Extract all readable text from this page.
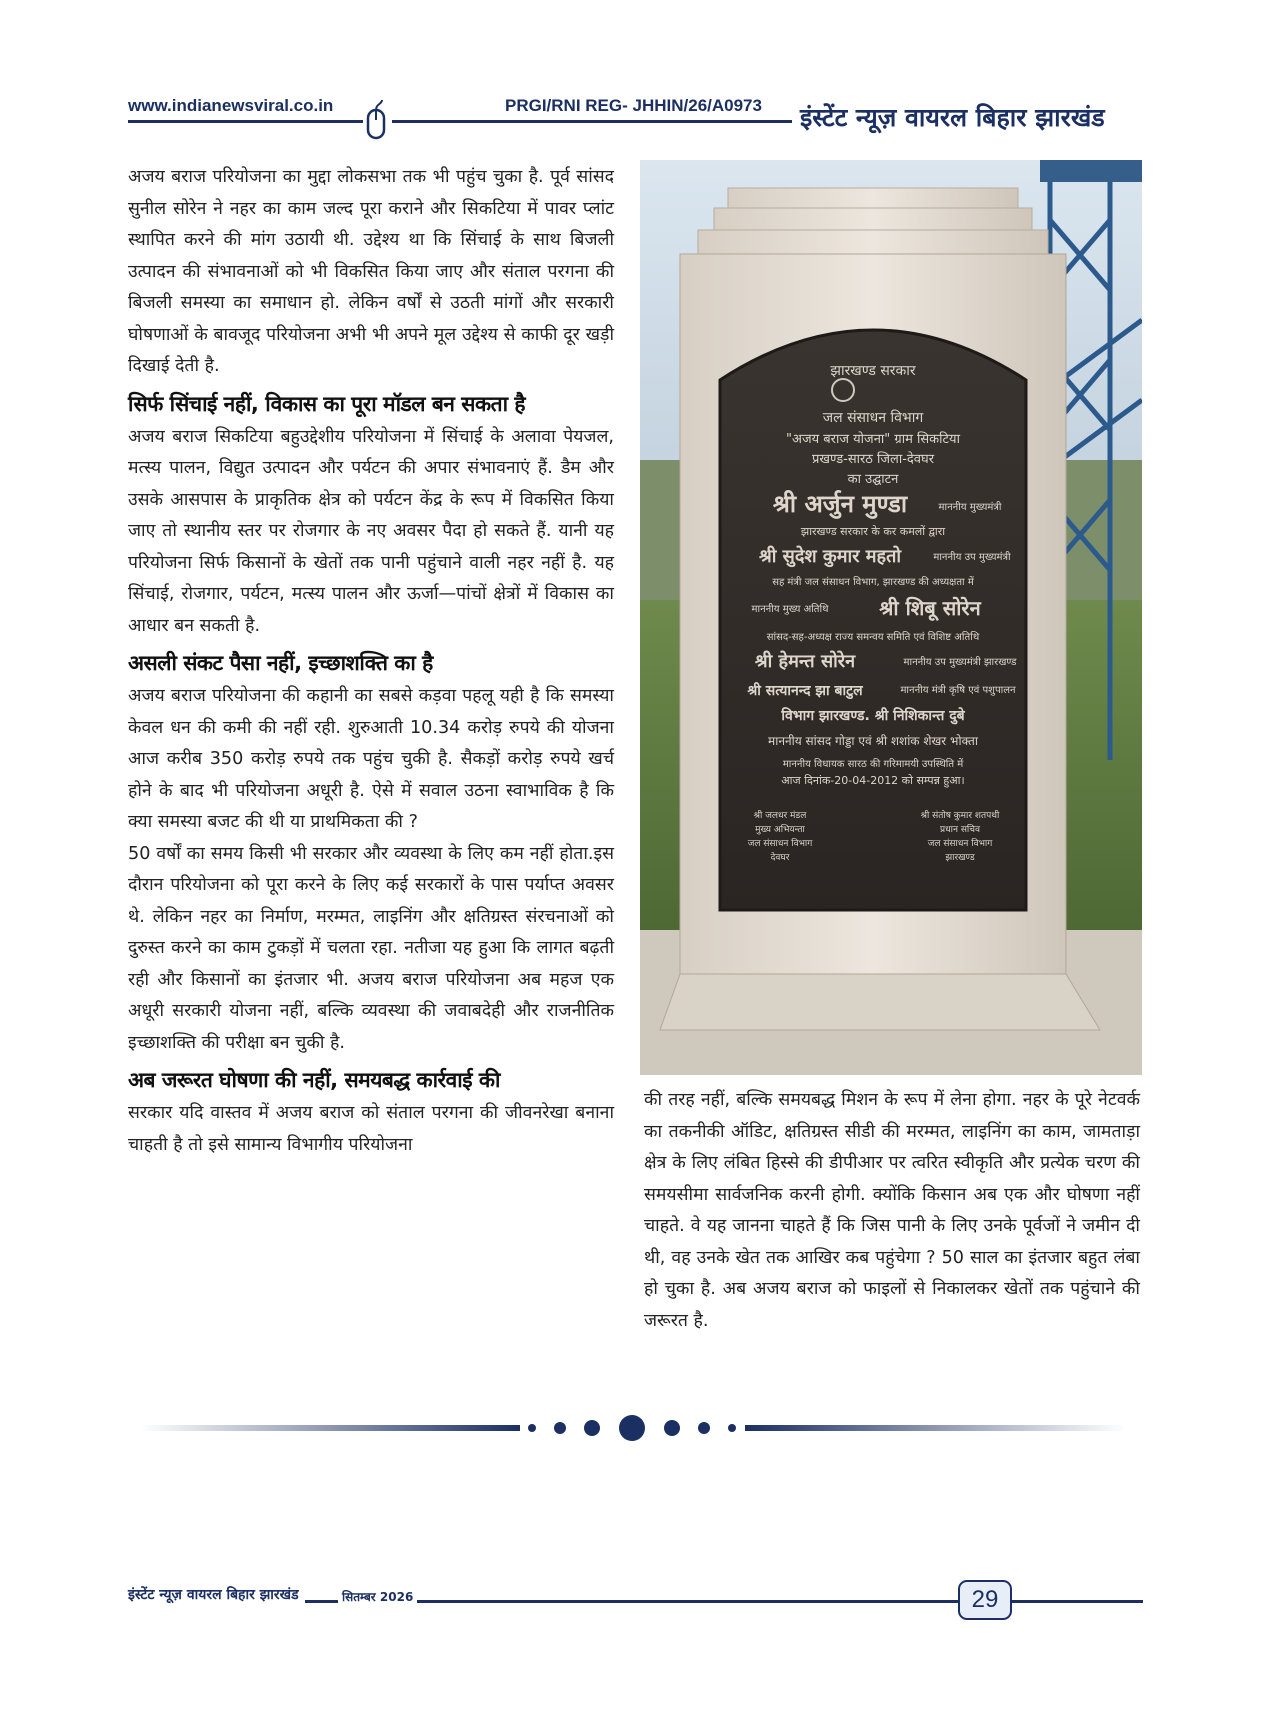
www.indianewsviral.co.in	PRGI/RNI REG- JHHIN/26/A0973 इंस्टेंट न्यूज़ वायरल बिहार झारखंड

अजय बराज परियोजना का मुद्दा लोकसभा तक भी पहुंच चुका है. पूर्व सांसद सुनील सोरेन ने नहर का काम जल्द पूरा कराने और सिकटिया में पावर प्लांट स्थापित करने की मांग उठायी थी. उद्देश्य था कि सिंचाई के साथ बिजली उत्पादन की संभावनाओं को भी विकसित किया जाए और संताल परगना की बिजली समस्या का समाधान हो. लेकिन वर्षों से उठती मांगों और सरकारी घोषणाओं के बावजूद परियोजना अभी भी अपने मूल उद्देश्य से काफी दूर खड़ी दिखाई देती है.

सिर्फ सिंचाई नहीं, विकास का पूरा मॉडल बन सकता है

अजय बराज सिकटिया बहुउद्देशीय परियोजना में सिंचाई के अलावा पेयजल, मत्स्य पालन, विद्युत उत्पादन और पर्यटन की अपार संभावनाएं हैं. डैम और उसके आसपास के प्राकृतिक क्षेत्र को पर्यटन केंद्र के रूप में विकसित किया जाए तो स्थानीय स्तर पर रोजगार के नए अवसर पैदा हो सकते हैं. यानी यह परियोजना सिर्फ किसानों के खेतों तक पानी पहुंचाने वाली नहर नहीं है. यह सिंचाई, रोजगार, पर्यटन, मत्स्य पालन और ऊर्जा—पांचों क्षेत्रों में विकास का आधार बन सकती है.

असली संकट पैसा नहीं, इच्छाशक्ति का है

अजय बराज परियोजना की कहानी का सबसे कड़वा पहलू यही है कि समस्या केवल धन की कमी की नहीं रही. शुरुआती 10.34 करोड़ रुपये की योजना आज करीब 350 करोड़ रुपये तक पहुंच चुकी है. सैकड़ों करोड़ रुपये खर्च होने के बाद भी परियोजना अधूरी है. ऐसे में सवाल उठना स्वाभाविक है कि क्या समस्या बजट की थी या प्राथमिकता की ?

50 वर्षों का समय किसी भी सरकार और व्यवस्था के लिए कम नहीं होता.इस दौरान परियोजना को पूरा करने के लिए कई सरकारों के पास पर्याप्त अवसर थे. लेकिन नहर का निर्माण, मरम्मत, लाइनिंग और क्षतिग्रस्त संरचनाओं को दुरुस्त करने का काम टुकड़ों में चलता रहा. नतीजा यह हुआ कि लागत बढ़ती रही और किसानों का इंतजार भी. अजय बराज परियोजना अब महज एक अधूरी सरकारी योजना नहीं, बल्कि व्यवस्था की जवाबदेही और राजनीतिक इच्छाशक्ति की परीक्षा बन चुकी है.

अब जरूरत घोषणा की नहीं, समयबद्ध कार्रवाई की

सरकार यदि वास्तव में अजय बराज को संताल परगना की जीवनरेखा बनाना चाहती है तो इसे सामान्य विभागीय परियोजना

झारखण्ड सरकार
जल संसाधन विभाग
"अजय बराज योजना" ग्राम सिकटिया
प्रखण्ड-सारठ जिला-देवघर
का उद्घाटन
श्री अर्जुन मुण्डा	माननीय मुख्यमंत्री
झारखण्ड सरकार के कर कमलों द्वारा
श्री सुदेश कुमार महतो	माननीय उप मुख्यमंत्री
सह मंत्री जल संसाधन विभाग, झारखण्ड की अध्यक्षता में
माननीय मुख्य अतिथि	श्री शिबू सोरेन
सांसद-सह-अध्यक्ष राज्य समन्वय समिति एवं विशिष्ट अतिथि
श्री हेमन्त सोरेन	माननीय उप मुख्यमंत्री झारखण्ड
श्री सत्यानन्द झा बाटुल	माननीय मंत्री कृषि एवं पशुपालन
विभाग झारखण्ड. श्री निशिकान्त दुबे
माननीय सांसद गोड्डा एवं श्री शशांक शेखर भोक्ता
माननीय विधायक सारठ की गरिमामयी उपस्थिति में
आज दिनांक-20-04-2012 को सम्पन्न हुआ।
श्री जलधर मंडल
मुख्य अभियन्ता
जल संसाधन विभाग
देवघर
श्री संतोष कुमार शतपथी
प्रधान सचिव
जल संसाधन विभाग
झारखण्ड

की तरह नहीं, बल्कि समयबद्ध मिशन के रूप में लेना होगा. नहर के पूरे नेटवर्क का तकनीकी ऑडिट, क्षतिग्रस्त सीडी की मरम्मत, लाइनिंग का काम, जामताड़ा क्षेत्र के लिए लंबित हिस्से की डीपीआर पर त्वरित स्वीकृति और प्रत्येक चरण की समयसीमा सार्वजनिक करनी होगी. क्योंकि किसान अब एक और घोषणा नहीं चाहते. वे यह जानना चाहते हैं कि जिस पानी के लिए उनके पूर्वजों ने जमीन दी थी, वह उनके खेत तक आखिर कब पहुंचेगा ? 50 साल का इंतजार बहुत लंबा हो चुका है. अब अजय बराज को फाइलों से निकालकर खेतों तक पहुंचाने की जरूरत है.

इंस्टेंट न्यूज़ वायरल बिहार झारखंड	सितम्बर 2026	29
